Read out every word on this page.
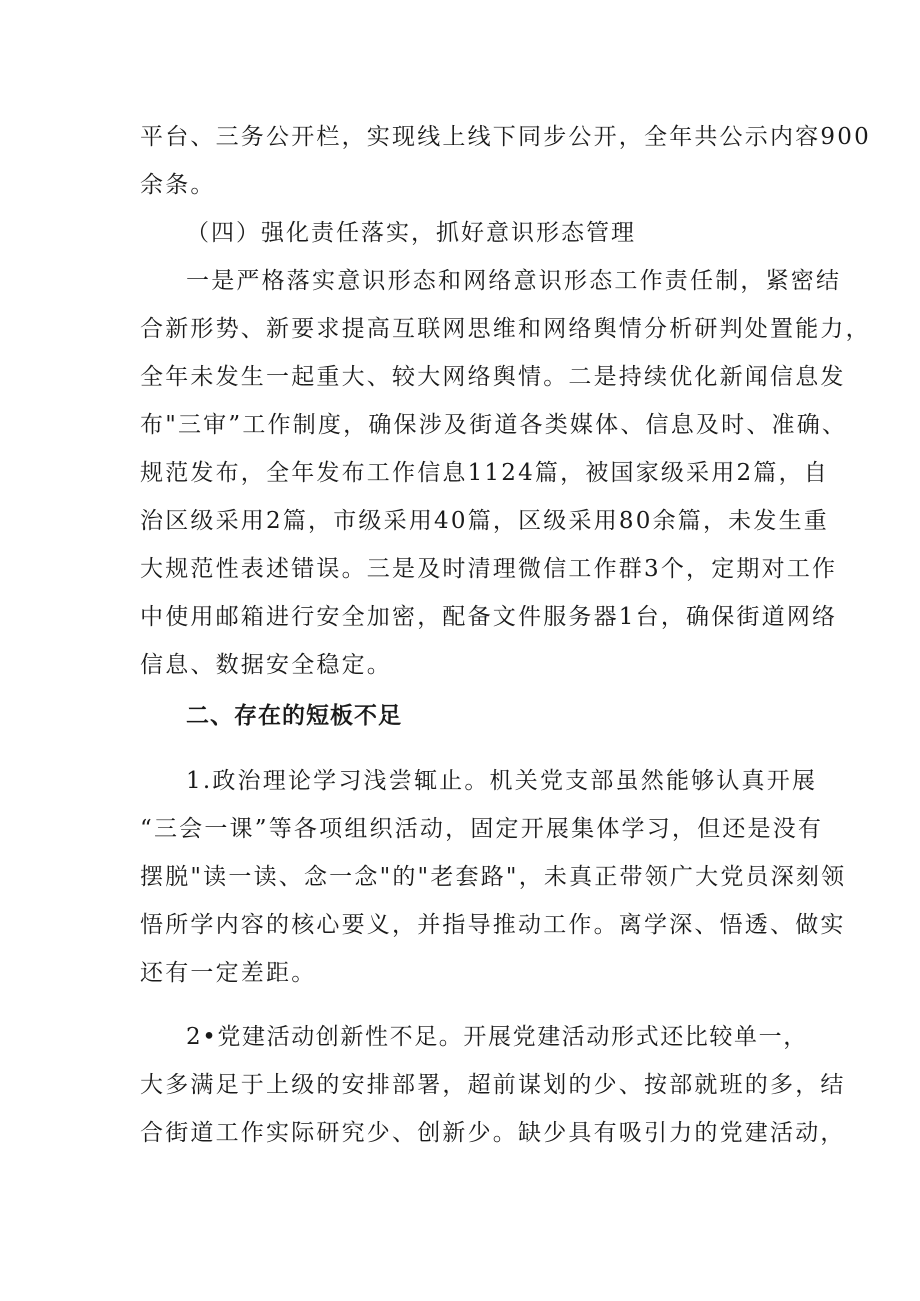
平台、三务公开栏，实现线上线下同步公开，全年共公示内容900
余条。
（四）强化责任落实，抓好意识形态管理
一是严格落实意识形态和网络意识形态工作责任制，紧密结
合新形势、新要求提高互联网思维和网络舆情分析研判处置能力，
全年未发生一起重大、较大网络舆情。二是持续优化新闻信息发
布"三审”工作制度，确保涉及街道各类媒体、信息及时、准确、
规范发布，全年发布工作信息1124篇，被国家级采用2篇，自
治区级采用2篇，市级采用40篇，区级采用80余篇，未发生重
大规范性表述错误。三是及时清理微信工作群3个，定期对工作
中使用邮箱进行安全加密，配备文件服务器1台，确保街道网络
信息、数据安全稳定。
二、存在的短板不足
1.政治理论学习浅尝辄止。机关党支部虽然能够认真开展
“三会一课”等各项组织活动，固定开展集体学习，但还是没有
摆脱"读一读、念一念"的"老套路"，未真正带领广大党员深刻领
悟所学内容的核心要义，并指导推动工作。离学深、悟透、做实
还有一定差距。
2•党建活动创新性不足。开展党建活动形式还比较单一，
大多满足于上级的安排部署，超前谋划的少、按部就班的多，结
合街道工作实际研究少、创新少。缺少具有吸引力的党建活动，
